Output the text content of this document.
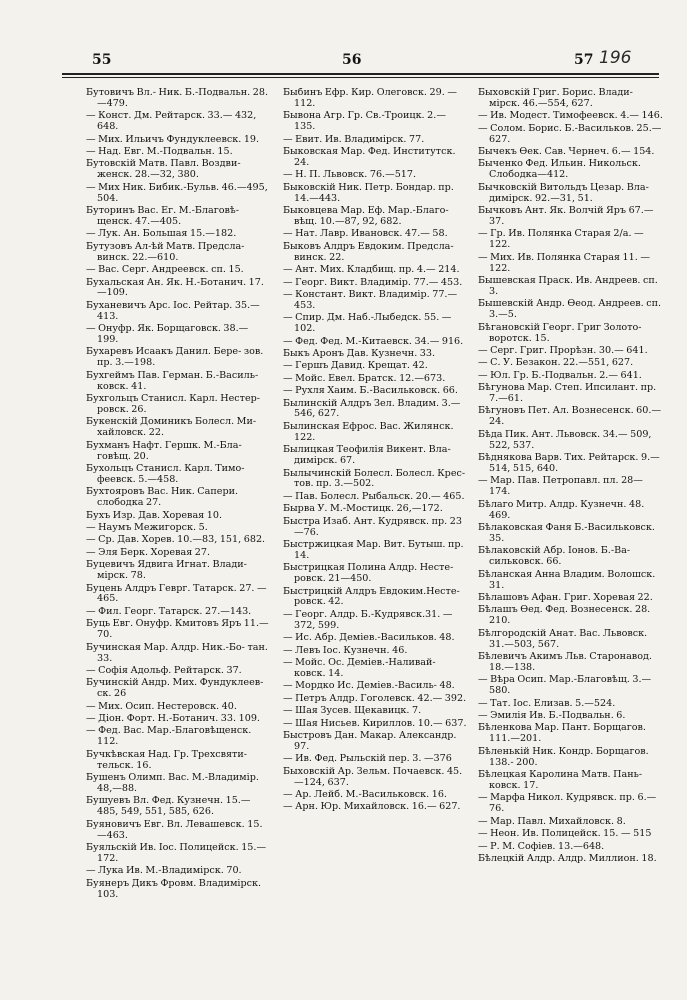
55	56	57 196
Бутовичъ Вл.- Ник. Б.-Подвальн. 28.—479.
— Конст. Дм. Рейтарск. 33.— 432, 648.
— Мих. Ильичъ Фундуклеевск. 19.
— Над. Евг. М.-Подвальн. 15.
Бутовскій Матв. Павл. Воздви- женск. 28.—32, 380.
— Мих Ник. Бибик.-Бульв. 46.—495, 504.
Буторинъ Вас. Ег. М.-Благовѣ- щенск. 47.—405.
— Лук. Ан. Большая 15.—182.
Бутузовъ Ал-ѣй Матв. Предсла- винск. 22.—610.
— Вас. Серг. Андреевск. сп. 15.
Бухальская Ан. Як. Н.-Ботанич. 17.—109.
Буханевичъ Арс. Іос. Рейтар. 35.—413.
— Онуфр. Як. Борщаговск. 38.— 199.
Бухаревъ Исаакъ Данил. Бере- зов. пр. 3.—198.
Бухгеймъ Пав. Герман. Б.-Василь- ковск. 41.
Бухгольцъ Станисл. Карл. Нестер- ровск. 26.
Букенскій Доминикъ Болесл. Ми- хайловск. 22.
Бухманъ Нафт. Гершк. М.-Бла- говѣщ. 20.
Бухольцъ Станисл. Карл. Тимо- феевск. 5.—458.
Бухтояровъ Вас. Ник. Сапери. слободка 27.
Бухъ Изр. Дав. Хоревая 10.
— Наумъ Межигорск. 5.
— Ср. Дав. Хорев. 10.—83, 151, 682.
— Эля Берк. Хоревая 27.
Буцевичъ Ядвига Игнат. Влади- мірск. 78.
Буцень Алдръ Геврг. Татарск. 27. —465.
— Фил. Георг. Татарск. 27.—143.
Буць Евг. Онуфр. Кмитовъ Яръ 11.—70.
Бучинская Мар. Алдр. Ник.-Бо- тан. 33.
— Софія Адольф. Рейтарск. 37.
Бучинскій Андр. Мих. Фундуклеев- ск. 26
— Мих. Осип. Нестеровск. 40.
— Діон. Форт. Н.-Ботанич. 33. 109.
— Фед. Вас. Мар.-Благовѣщенск. 112.
Бучкѣвская Над. Гр. Трехсвяти- тельск. 16.
Бушенъ Олимп. Вас. М.-Владимір. 48,—88.
Бушуевъ Вл. Фед. Кузнечн. 15.— 485, 549, 551, 585, 626.
Буяновичъ Евг. Вл. Левашевск. 15.—463.
Буяльскій Ив. Іос. Полицейск. 15.—172.
— Лука Ив. М.-Владимірск. 70.
Буянеръ Дикъ Фровм. Владимірск. 103.
Быбинъ Ефр. Кир. Олеговск. 29. —112.
Бывона Агр. Гр. Св.-Троицк. 2.— 135.
— Евит. Ив. Владимірск. 77.
Быковская Мар. Фед. Институтск. 24.
— Н. П. Львовск. 76.—517.
Быковскій Ник. Петр. Бондар. пр. 14.—443.
Быковцева Мар. Еф. Мар.-Благо- вѣщ. 10.—87, 92, 682.
— Нат. Лавр. Ивановск. 47.— 58.
Быковъ Алдръ Евдоким. Предсла- винск. 22.
— Ант. Мих. Кладбищ. пр. 4.— 214.
— Георг. Викт. Владимір. 77.— 453.
— Констант. Викт. Владимір. 77.—453.
— Спир. Дм. Наб.-Лыбедск. 55. —102.
— Фед. Фед. М.-Китаевск. 34.— 916.
Быкъ Аронъ Дав. Кузнечн. 33.
— Гершъ Давид. Крещат. 42.
— Мойс. Евел. Братск. 12.—673.
— Рухля Хаим. Б.-Васильковск. 66.
Былинскій Алдръ Зел. Владим. 3.— 546, 627.
Былинская Ефрос. Вас. Жилянск. 122.
Былицкая Теофилія Викент. Вла- димірск. 67.
Былычинскій Болесл. Болесл. Крес- тов. пр. 3.—502.
— Пав. Болесл. Рыбальск. 20.— 465.
Бырва У. М.-Мостицк. 26,—172.
Быстра Изаб. Ант. Кудрявск. пр. 23—76.
Быстржицкая Мар. Вит. Бутыш. пр. 14.
Быстрицкая Полина Алдр. Несте- ровск. 21—450.
Быстрицкій Алдръ Евдоким.Несте- ровск. 42.
— Георг. Алдр. Б.-Кудрявск.31. —372, 599.
— Ис. Абр. Деміев.-Васильков. 48.
— Левъ Іос. Кузнечн. 46.
— Мойс. Ос. Деміев.-Наливай- ковск. 14.
— Мордко Ис. Деміев.-Василь- 48.
— Петръ Алдр. Гоголевск. 42.— 392.
— Шая Зусев. Щекавицк. 7.
— Шая Нисьев. Кириллов. 10.— 637.
Быстровъ Дан. Макар. Александр. 97.
— Ив. Фед. Рыльскій пер. 3. —376
Быховскій Ар. Зельм. Почаевск. 45.—124, 637.
— Ар. Лейб. М.-Васильковск. 16.
— Арн. Юр. Михайловск. 16.— 627.
Быховскій Григ. Борис. Влади- мірск. 46.—554, 627.
— Ив. Модест. Тимофеевск. 4.— 146.
— Солом. Борис. Б.-Васильков. 25.—627.
Бычекъ Өек. Сав. Чернеч. 6.— 154.
Быченко Фед. Ильин. Никольск. Слободка—412.
Бычковскій Витольдъ Цезар. Вла- димірск. 92.—31, 51.
Бычковъ Ант. Як. Волчій Яръ 67.—37.
— Гр. Ив. Полянка Старая 2/а. —122.
— Мих. Ив. Полянка Старая 11. —122.
Бышевская Праск. Ив. Андреев. сп. 3.
Бышевскій Андр. Өеод. Андреев. сп. 3.—5.
Бѣгановскій Георг. Григ Золото- воротск. 15.
— Серг. Григ. Прорѣзн. 30.— 641.
— С. У. Безакон. 22.—551, 627.
— Юл. Гр. Б.-Подвальн. 2.— 641.
Бѣгунова Мар. Степ. Ипсилант. пр. 7.—61.
Бѣгуновъ Пет. Ал. Вознесенск. 60.—24.
Бѣда Пик. Ант. Львовск. 34.— 509, 522, 537.
Бѣднякова Варв. Тих. Рейтарск. 9.—514, 515, 640.
— Мар. Пав. Петропавл. пл. 28—174.
Бѣлаго Митр. Алдр. Кузнечн. 48. 469.
Бѣлаковская Фаня Б.-Васильковск. 35.
Бѣлаковскій Абр. Іонов. Б.-Ва- сильковск. 66.
Бѣланская Анна Владим. Волошск. 31.
Бѣлашовъ Афан. Григ. Хоревая 22.
Бѣлашъ Өед. Фед. Вознесенск. 28. 210.
Бѣлгородскій Анат. Вас. Львовск. 31.—503, 567.
Бѣлевичъ Акимъ Льв. Старонавод. 18.—138.
— Вѣра Осип. Мар.-Благовѣщ. 3.—580.
— Тат. Іос. Елизав. 5.—524.
— Эмилія Ив. Б.-Подвальн. 6.
Бѣленкова Мар. Пант. Борщагов. 111.—201.
Бѣленькій Ник. Кондр. Борщагов. 138.- 200.
Бѣлецкая Каролина Матв. Пань- ковск. 17.
— Марфа Никол. Кудрявск. пр. 6.—76.
— Мар. Павл. Михайловск. 8.
— Неон. Ив. Полицейск. 15. — 515
— Р. М. Софіев. 13.—648.
Бѣлецкій Алдр. Алдр. Миллион. 18.
